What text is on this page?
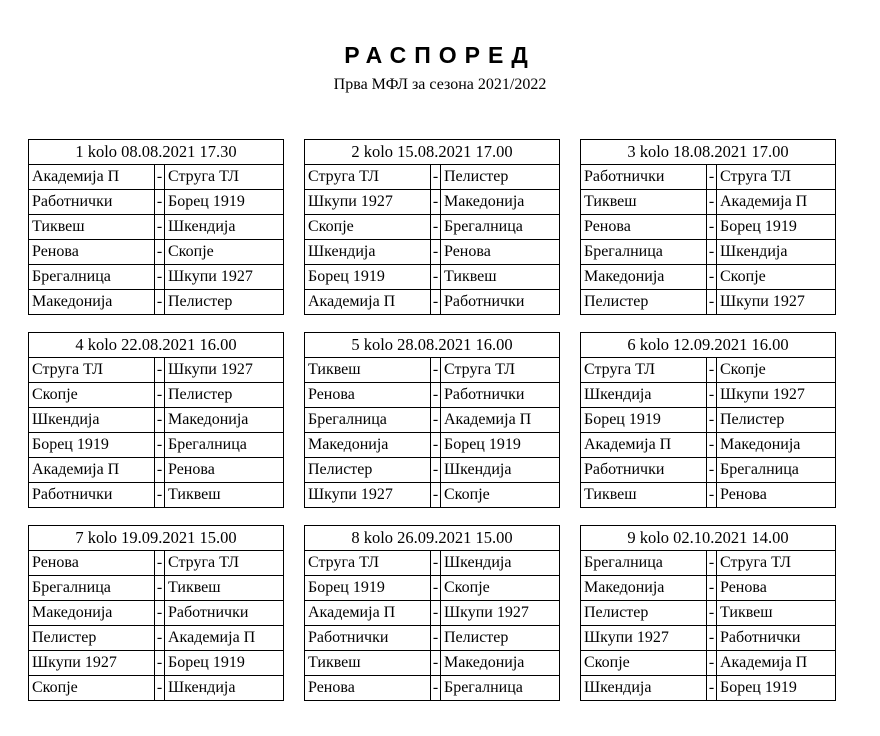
РАСПОРЕД
Прва МФЛ за сезона 2021/2022
1 kolo 08.08.2021 17.30
Академија П	- Струга ТЛ
Работнички	- Борец 1919
Тиквеш	- Шкендија
Ренова	- Скопје
Брегалница	- Шкупи 1927
Македонија	- Пелистер
2 kolo 15.08.2021 17.00
Струга ТЛ	- Пелистер
Шкупи 1927	- Македонија
Скопје	- Брегалница
Шкендија	- Ренова
Борец 1919	- Тиквеш
Академија П	- Работнички
3 kolo 18.08.2021 17.00
Работнички	- Струга ТЛ
Тиквеш	- Академија П
Ренова	- Борец 1919
Брегалница	- Шкендија
Македонија	- Скопје
Пелистер	- Шкупи 1927
4 kolo 22.08.2021 16.00
Струга ТЛ	- Шкупи 1927
Скопје	- Пелистер
Шкендија	- Македонија
Борец 1919	- Брегалница
Академија П	- Ренова
Работнички	- Тиквеш
5 kolo 28.08.2021 16.00
Тиквеш	- Струга ТЛ
Ренова	- Работнички
Брегалница	- Академија П
Македонија	- Борец 1919
Пелистер	- Шкендија
Шкупи 1927	- Скопје
6 kolo 12.09.2021 16.00
Струга ТЛ	- Скопје
Шкендија	- Шкупи 1927
Борец 1919	- Пелистер
Академија П	- Македонија
Работнички	- Брегалница
Тиквеш	- Ренова
7 kolo 19.09.2021 15.00
Ренова	- Струга ТЛ
Брегалница	- Тиквеш
Македонија	- Работнички
Пелистер	- Академија П
Шкупи 1927	- Борец 1919
Скопје	- Шкендија
8 kolo 26.09.2021 15.00
Струга ТЛ	- Шкендија
Борец 1919	- Скопје
Академија П	- Шкупи 1927
Работнички	- Пелистер
Тиквеш	- Македонија
Ренова	- Брегалница
9 kolo 02.10.2021 14.00
Брегалница	- Струга ТЛ
Македонија	- Ренова
Пелистер	- Тиквеш
Шкупи 1927	- Работнички
Скопје	- Академија П
Шкендија	- Борец 1919
